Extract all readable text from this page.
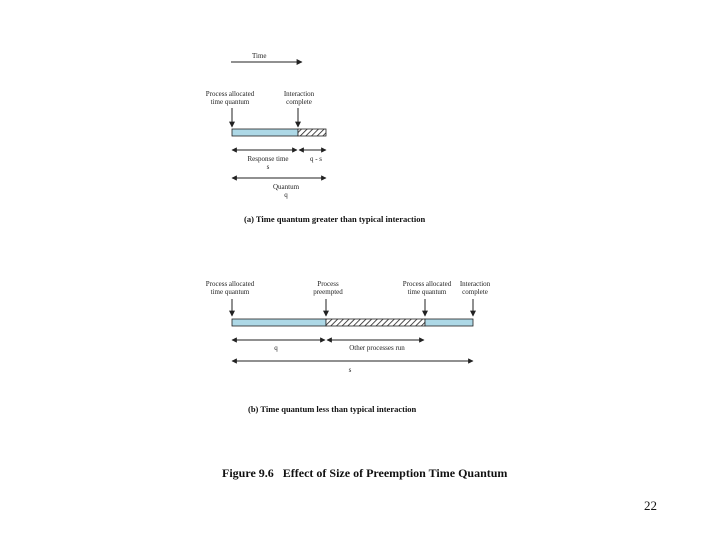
Time
Process allocated
time quantum
Interaction
complete
Response time
s
q - s
Quantum
q
(a) Time quantum greater than typical interaction
Process allocated
time quantum
Process
preempted
Process allocated
time quantum
Interaction
complete
q	Other processes run
s
(b) Time quantum less than typical interaction
Figure 9.6   Effect of Size of Preemption Time Quantum
22
